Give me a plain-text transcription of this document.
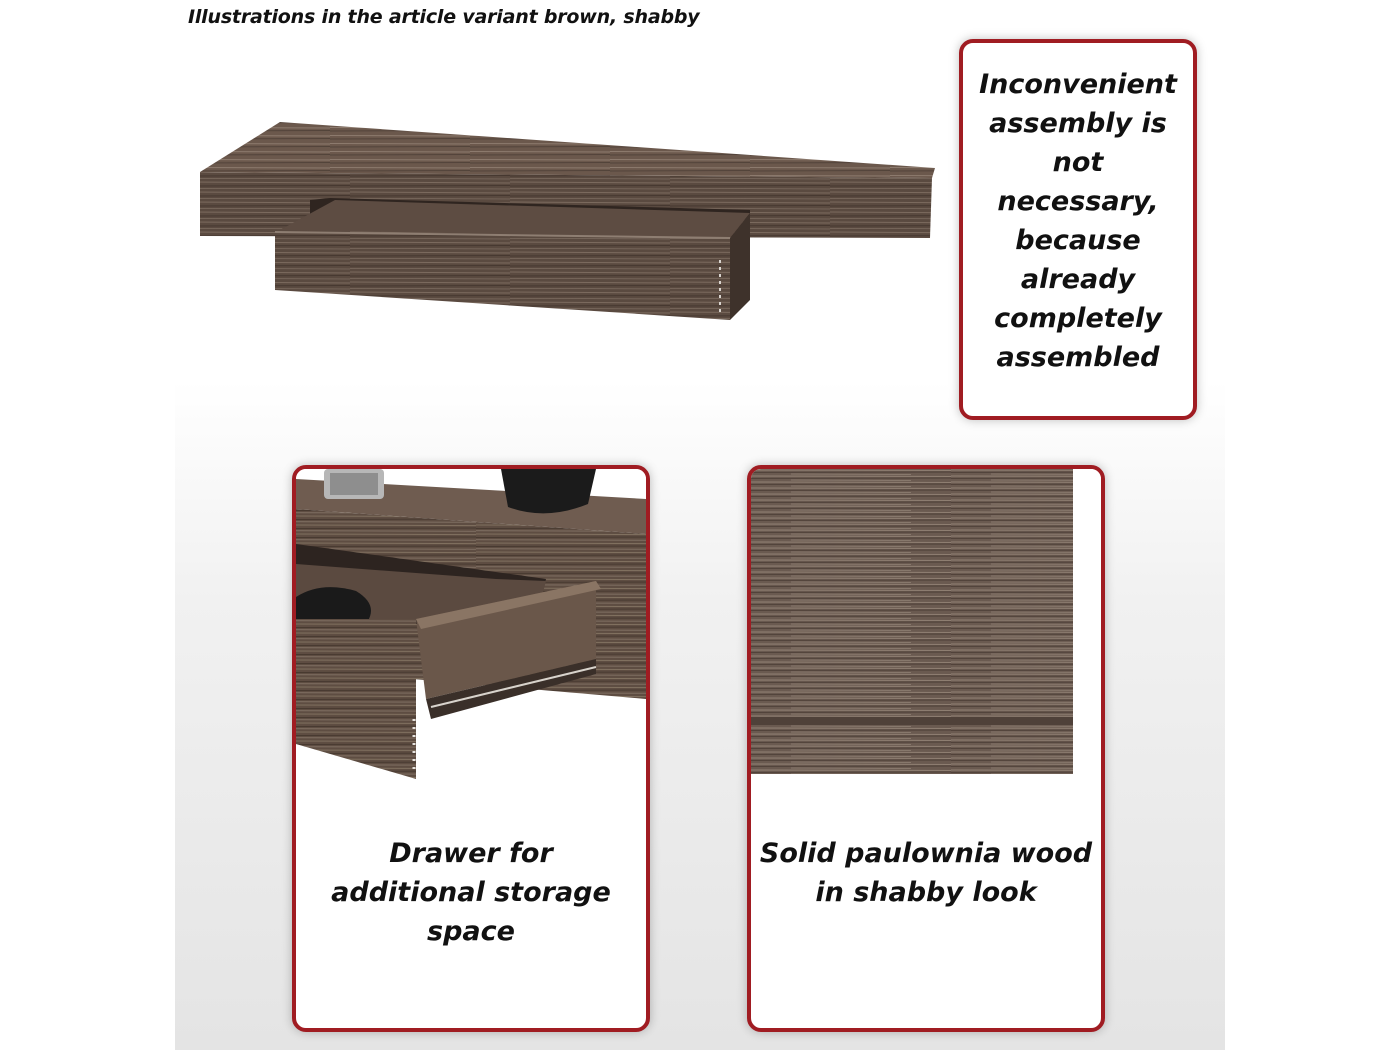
Illustrations in the article variant brown, shabby
Inconvenient
assembly is
not
necessary,
because
already
completely
assembled
Drawer for
additional storage
space
Solid paulownia wood
in shabby look
